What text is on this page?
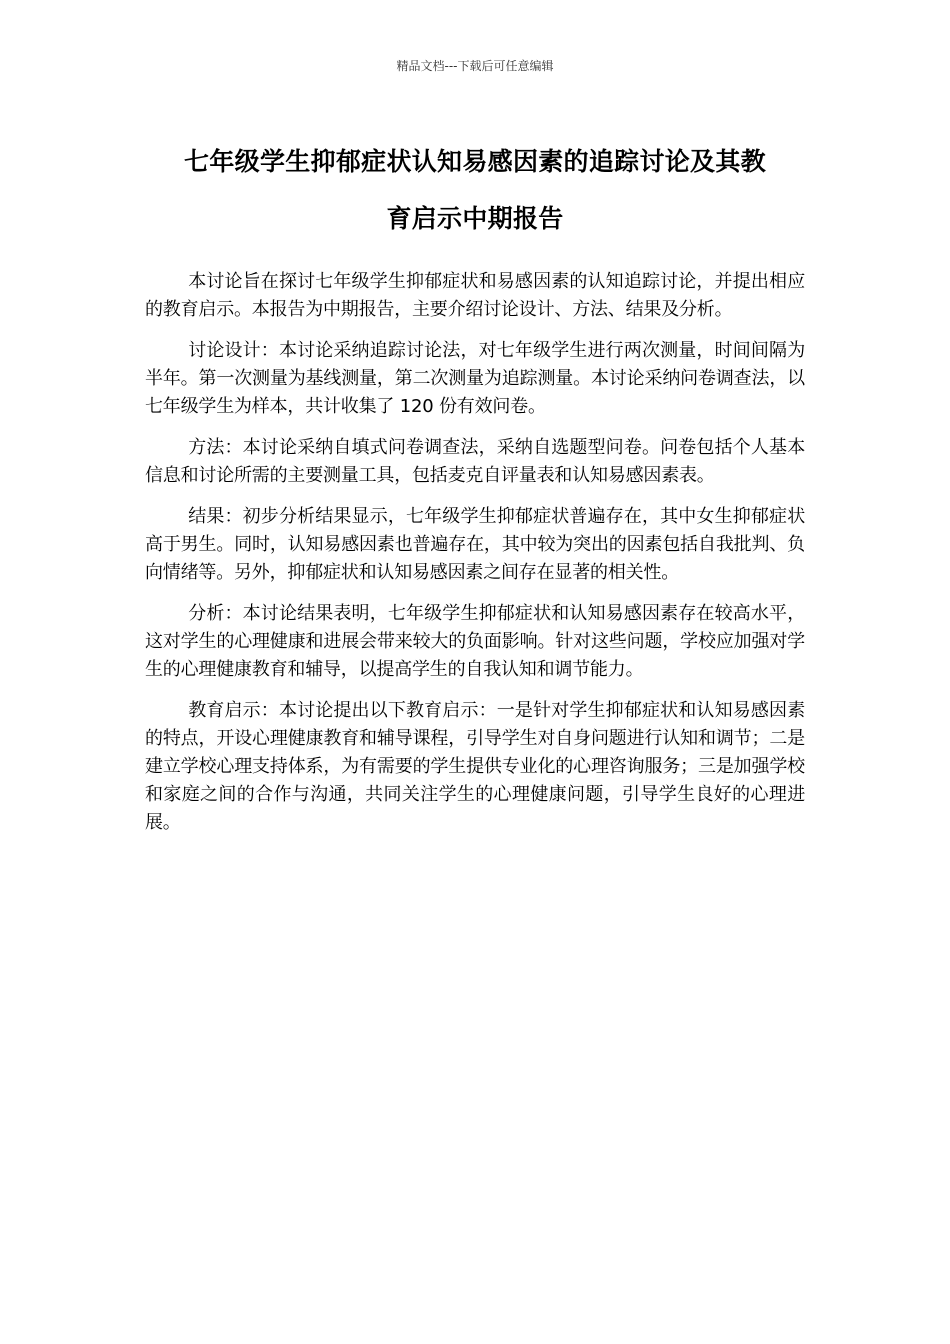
精品文档---下载后可任意编辑
七年级学生抑郁症状认知易感因素的追踪讨论及其教
育启示中期报告

本讨论旨在探讨七年级学生抑郁症状和易感因素的认知追踪讨论，并提出相应的教育启示。本报告为中期报告，主要介绍讨论设计、方法、结果及分析。

讨论设计：本讨论采纳追踪讨论法，对七年级学生进行两次测量，时间间隔为半年。第一次测量为基线测量，第二次测量为追踪测量。本讨论采纳问卷调查法，以七年级学生为样本，共计收集了 120 份有效问卷。

方法：本讨论采纳自填式问卷调查法，采纳自选题型问卷。问卷包括个人基本信息和讨论所需的主要测量工具，包括麦克自评量表和认知易感因素表。

结果：初步分析结果显示，七年级学生抑郁症状普遍存在，其中女生抑郁症状高于男生。同时，认知易感因素也普遍存在，其中较为突出的因素包括自我批判、负向情绪等。另外，抑郁症状和认知易感因素之间存在显著的相关性。

分析：本讨论结果表明，七年级学生抑郁症状和认知易感因素存在较高水平，这对学生的心理健康和进展会带来较大的负面影响。针对这些问题，学校应加强对学生的心理健康教育和辅导，以提高学生的自我认知和调节能力。

教育启示：本讨论提出以下教育启示：一是针对学生抑郁症状和认知易感因素的特点，开设心理健康教育和辅导课程，引导学生对自身问题进行认知和调节；二是建立学校心理支持体系，为有需要的学生提供专业化的心理咨询服务；三是加强学校和家庭之间的合作与沟通，共同关注学生的心理健康问题，引导学生良好的心理进展。
